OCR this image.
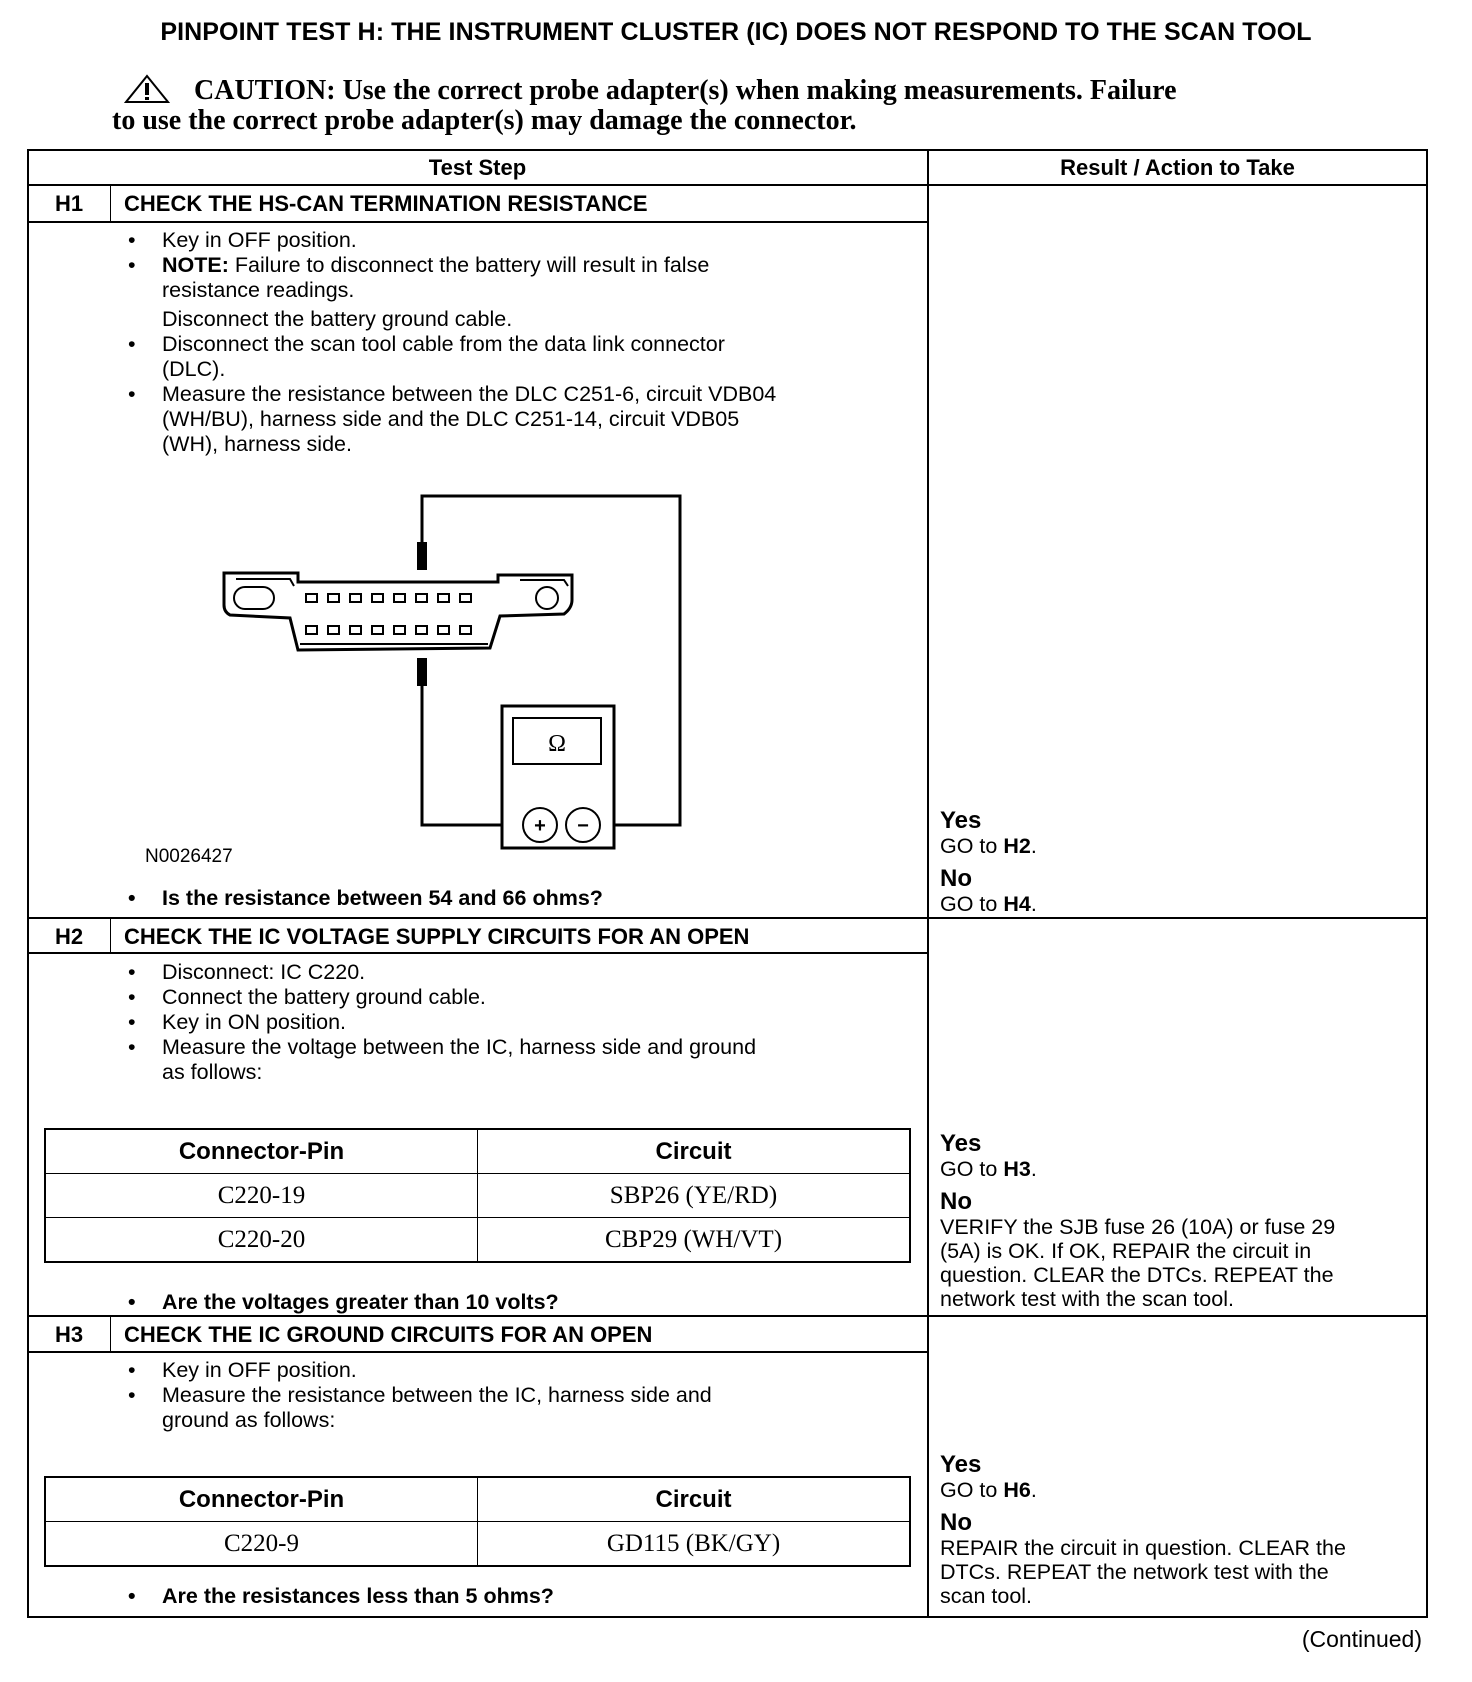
PINPOINT TEST H: THE INSTRUMENT CLUSTER (IC) DOES NOT RESPOND TO THE SCAN TOOL
CAUTION: Use the correct probe adapter(s) when making measurements. Failure
to use the correct probe adapter(s) may damage the connector.
Test Step	Result / Action to Take
H1	CHECK THE HS-CAN TERMINATION RESISTANCE
• Key in OFF position.
• NOTE: Failure to disconnect the battery will result in false
resistance readings.
Disconnect the battery ground cable.
• Disconnect the scan tool cable from the data link connector
(DLC).
• Measure the resistance between the DLC C251-6, circuit VDB04
(WH/BU), harness side and the DLC C251-14, circuit VDB05
(WH), harness side.
Ω
+ −
N0026427
• Is the resistance between 54 and 66 ohms?
Yes
GO to H2.
No
GO to H4.
H2	CHECK THE IC VOLTAGE SUPPLY CIRCUITS FOR AN OPEN
• Disconnect: IC C220.
• Connect the battery ground cable.
• Key in ON position.
• Measure the voltage between the IC, harness side and ground
as follows:
Connector-Pin	Circuit
C220-19	SBP26 (YE/RD)
C220-20	CBP29 (WH/VT)
• Are the voltages greater than 10 volts?
Yes
GO to H3.
No
VERIFY the SJB fuse 26 (10A) or fuse 29
(5A) is OK. If OK, REPAIR the circuit in
question. CLEAR the DTCs. REPEAT the
network test with the scan tool.
H3	CHECK THE IC GROUND CIRCUITS FOR AN OPEN
• Key in OFF position.
• Measure the resistance between the IC, harness side and
ground as follows:
Connector-Pin	Circuit
C220-9	GD115 (BK/GY)
• Are the resistances less than 5 ohms?
Yes
GO to H6.
No
REPAIR the circuit in question. CLEAR the
DTCs. REPEAT the network test with the
scan tool.
(Continued)
